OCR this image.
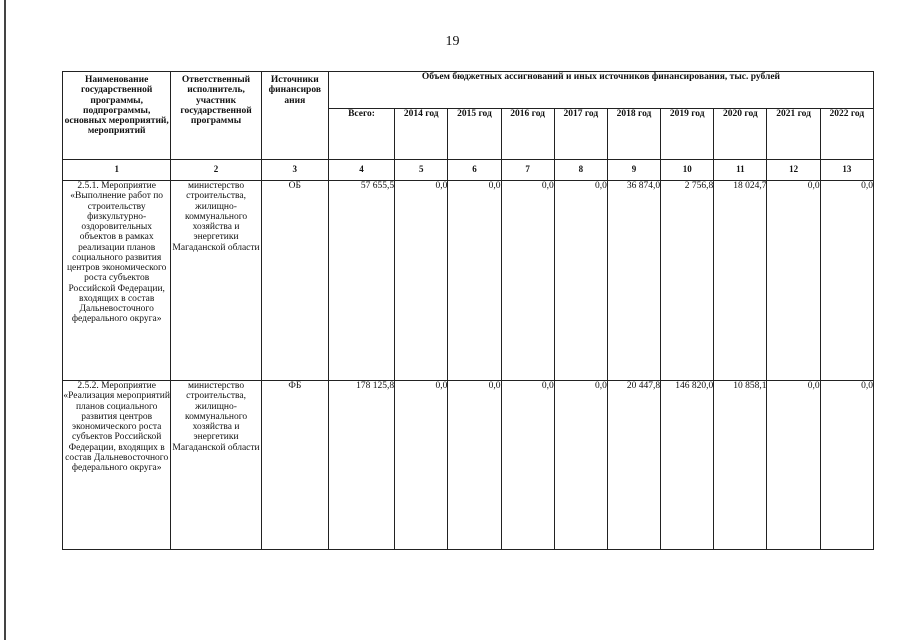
19
Наименование государственной программы, подпрограммы, основных мероприятий, мероприятий	Ответственный исполнитель, участник государственной программы	Источники финансиров ания	Объем бюджетных ассигнований и иных источников финансирования, тыс. рублей									
			Всего:	2014 год	2015 год	2016 год	2017 год	2018 год	2019 год	2020 год	2021 год	2022 год
1	2	3	4	5	6	7	8	9	10	11	12	13
2.5.1. Мероприятие «Выполнение работ по строительству физкультурно-оздоровительных объектов в рамках реализации планов социального развития центров экономического роста субъектов Российской Федерации, входящих в состав Дальневосточного федерального округа»	министерство строительства, жилищно-коммунального хозяйства и энергетики Магаданской области	ОБ	57 655,5	0,0	0,0	0,0	0,0	36 874,0	2 756,8	18 024,7	0,0	0,0
2.5.2. Мероприятие «Реализация мероприятий планов социального развития центров экономического роста субъектов Российской Федерации, входящих в состав Дальневосточного федерального округа»	министерство строительства, жилищно-коммунального хозяйства и энергетики Магаданской области	ФБ	178 125,8	0,0	0,0	0,0	0,0	20 447,8	146 820,0	10 858,1	0,0	0,0
